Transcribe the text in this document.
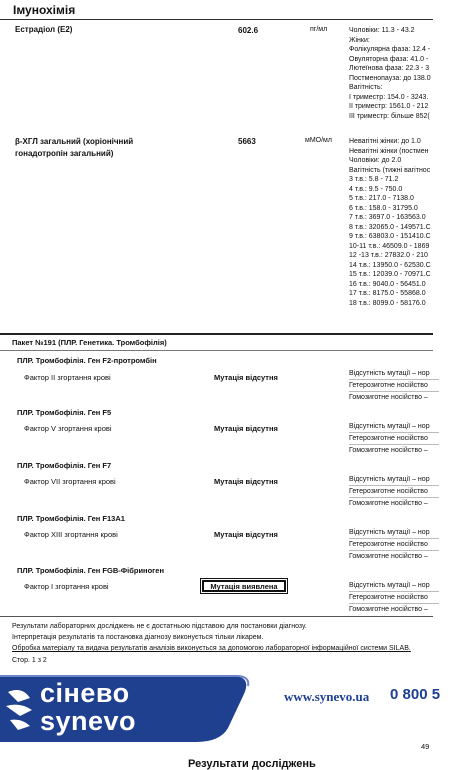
Імунохімія
Естрадіол (Е2)	602.6	пг/мл	Чоловіки: 11.3 - 43.2
Жінки:
Фолікулярна фаза: 12.4 -
Овуляторна фаза: 41.0 -
Лютеїнова фаза: 22.3 - 3
Постменопауза: до 138.0
Вагітність:
I триместр: 154.0 - 3243.
II триместр: 1561.0 - 212
III триместр: більше 852(
β-ХГЛ загальний (хоріонічний гонадотропін загальний)
5663	мМО/мл Невагітні жінки: до 1.0
Невагітні жінки (постмен
Чоловіки: до 2.0
Вагітність (тижні вагітнос
3 т.в.: 5.8 - 71.2
4 т.в.: 9.5 - 750.0
5 т.в.: 217.0 - 7138.0
6 т.в.: 158.0 - 31795.0
7 т.в.: 3697.0 - 163563.0
8 т.в.: 32065.0 - 149571.C
9 т.в.: 63803.0 - 151410.C
10-11 т.в.: 46509.0 - 1869
12 -13 т.в.: 27832.0 - 210
14 т.в.: 13950.0 - 62530.C
15 т.в.: 12039.0 - 70971.C
16 т.в.: 9040.0 - 56451.0
17 т.в.: 8175.0 - 55868.0
18 т.в.: 8099.0 - 58176.0
Пакет №191 (ПЛР. Генетика. Тромбофілія)
ПЛР. Тромбофілія. Ген F2-протромбін
Фактор II згортання крові	Мутація відсутня	Відсутність мутації – нор
Гетерозиготне носійство
Гомозиготне носійство –
ПЛР. Тромбофілія. Ген F5
Фактор V згортання крові	Мутація відсутня	Відсутність мутації – нор
Гетерозиготне носійство
Гомозиготне носійство –
ПЛР. Тромбофілія. Ген F7
Фактор VII згортання крові	Мутація відсутня	Відсутність мутації – нор
Гетерозиготне носійство
Гомозиготне носійство –
ПЛР. Тромбофілія. Ген F13A1
Фактор XIII згортання крові	Мутація відсутня	Відсутність мутації – нор
Гетерозиготне носійство
Гомозиготне носійство –
ПЛР. Тромбофілія. Ген FGB-Фібриноген
Фактор I згортання крові	Мутація виявлена	Відсутність мутації – нор
Гетерозиготне носійство
Гомозиготне носійство –
Результати лабораторних досліджень не є достатньою підставою для постановки діагнозу.
Інтерпретація результатів та постановка діагнозу виконується тільки лікарем.
Обробка матеріалу та видача результатів аналізів виконується за допомогою лабораторної інформаційної системи SILAB.
Стор. 1 з 2
сінево
synevo
www.synevo.ua 0 800 5
49
Результати досліджень
